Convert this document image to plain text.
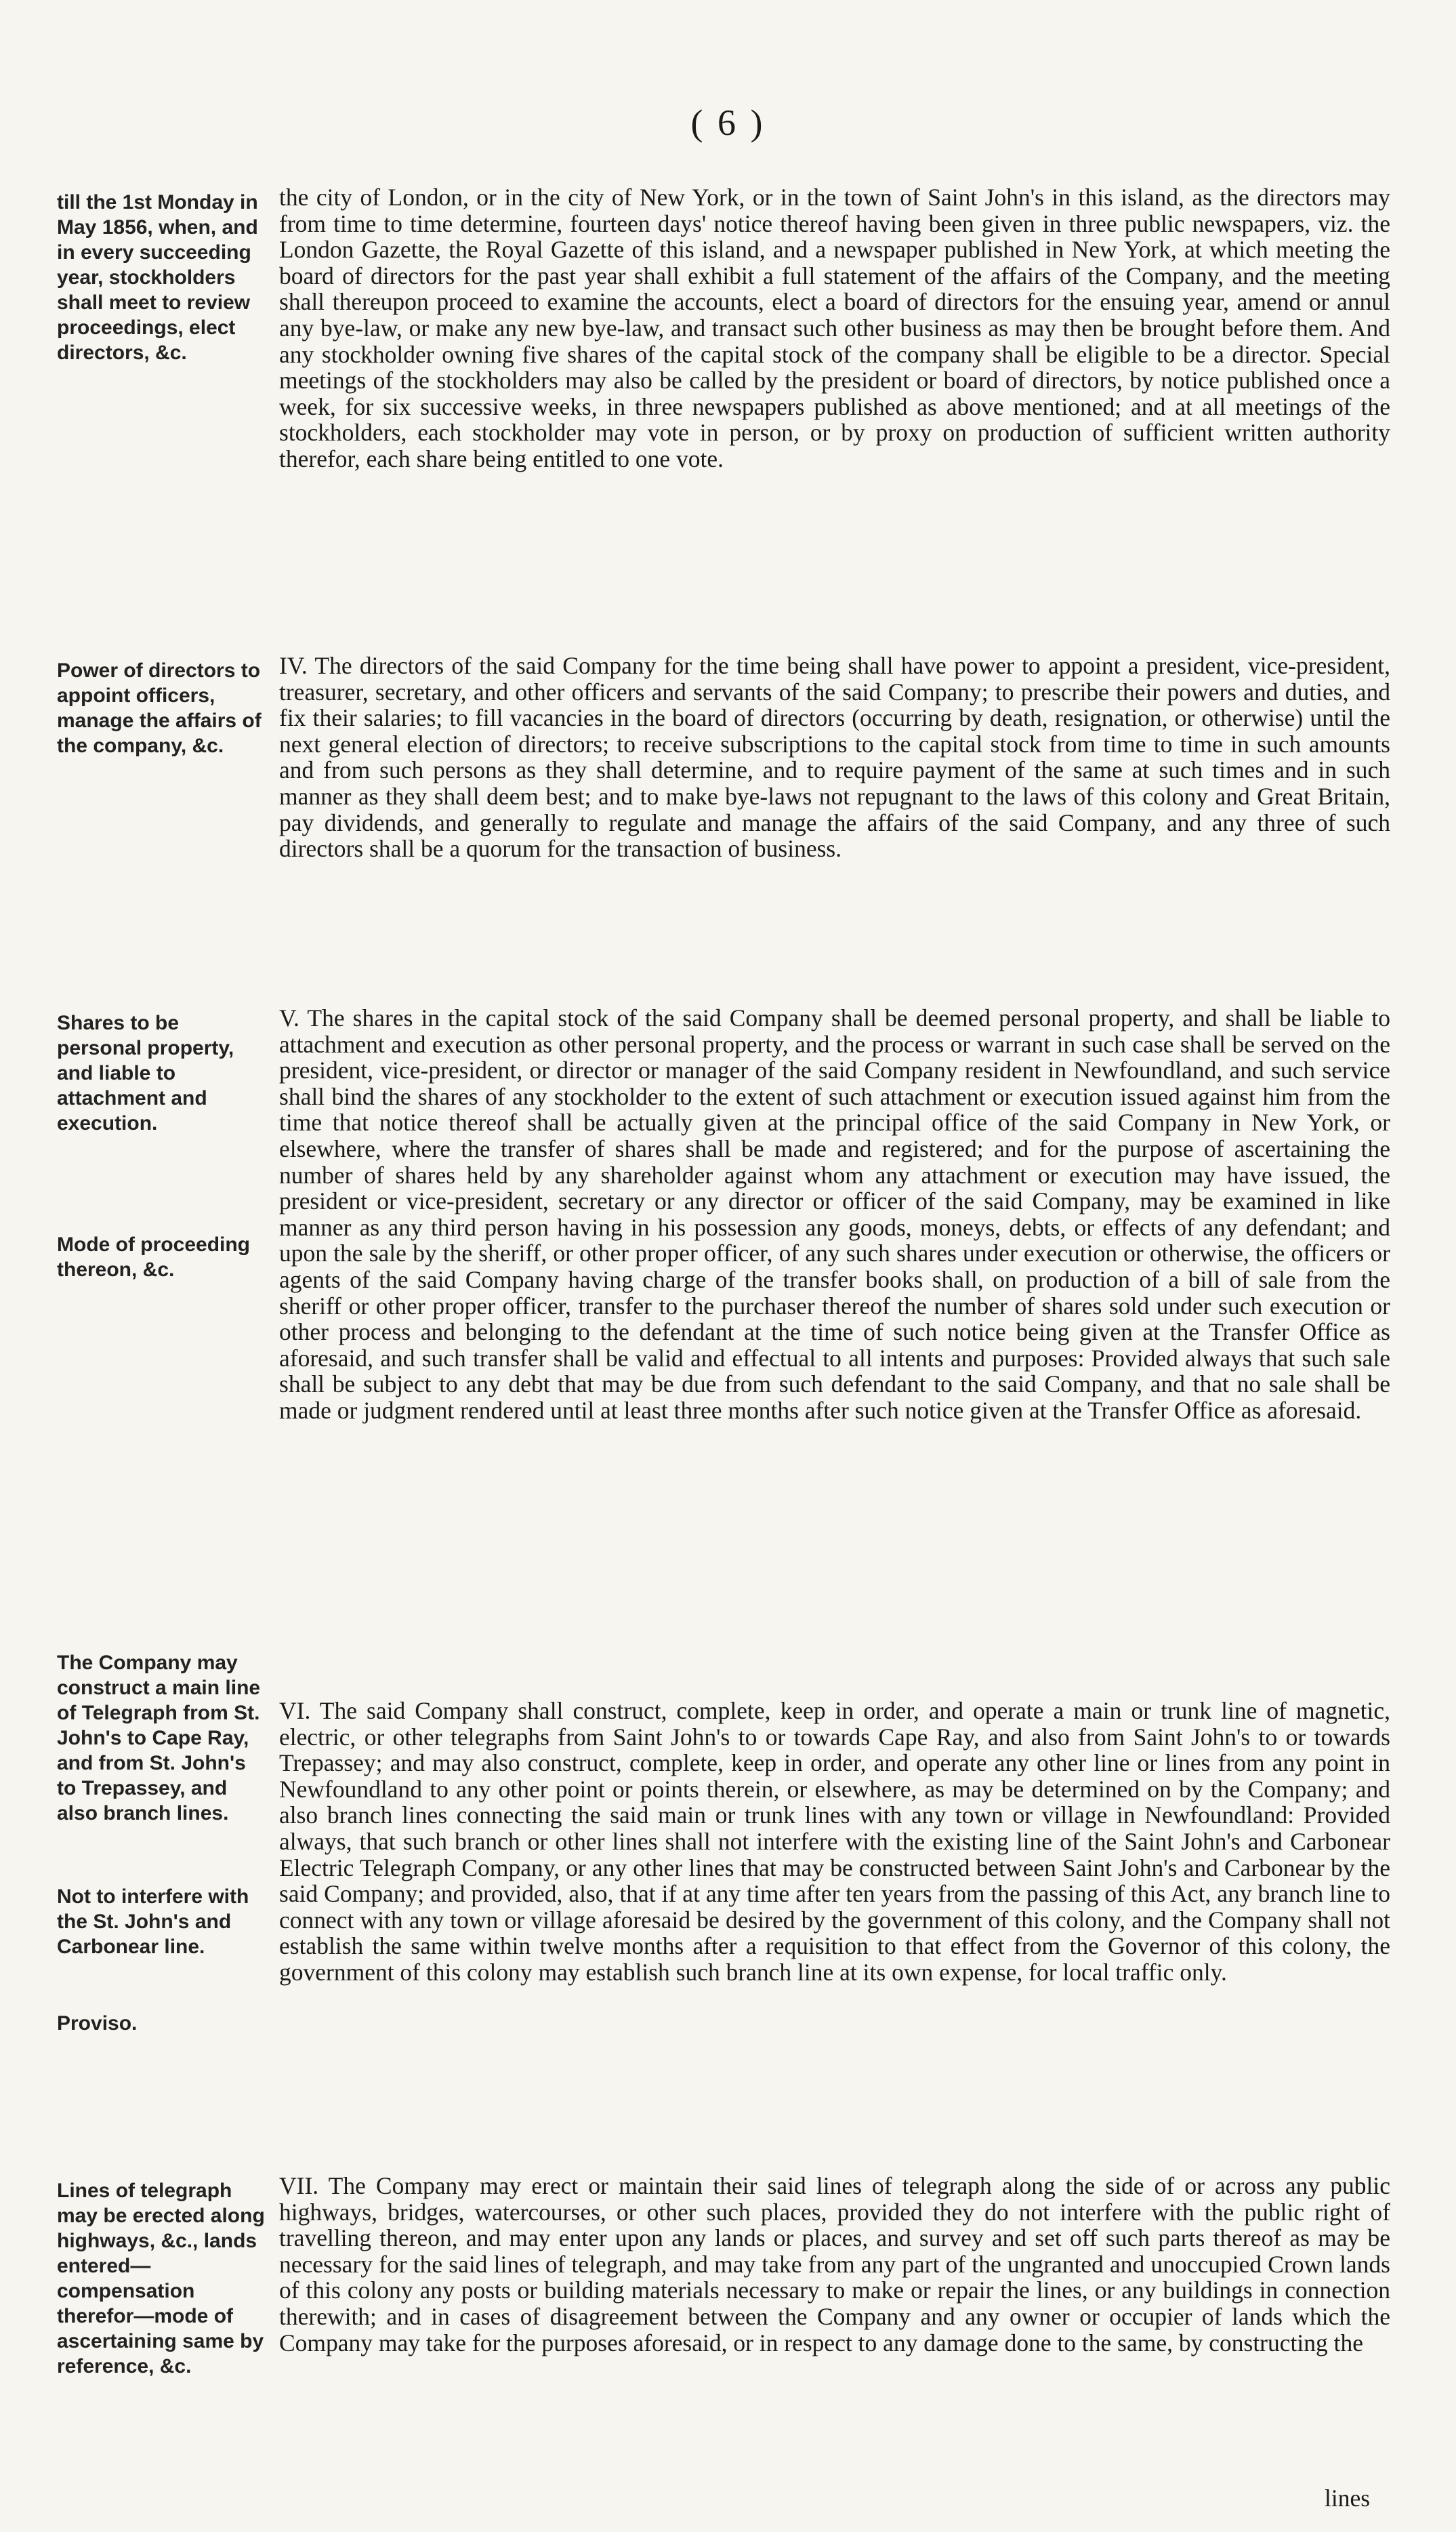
( 6 )
till the 1st Monday in May 1856, when, and in every succeeding year, stockholders shall meet to review proceedings, elect directors, &c.
the city of London, or in the city of New York, or in the town of Saint John's in this island, as the directors may from time to time determine, fourteen days' notice thereof having been given in three public newspapers, viz. the London Gazette, the Royal Gazette of this island, and a newspaper published in New York, at which meeting the board of directors for the past year shall exhibit a full statement of the affairs of the Company, and the meeting shall thereupon proceed to examine the accounts, elect a board of directors for the ensuing year, amend or annul any bye-law, or make any new bye-law, and transact such other business as may then be brought before them. And any stockholder owning five shares of the capital stock of the company shall be eligible to be a director. Special meetings of the stockholders may also be called by the president or board of directors, by notice published once a week, for six successive weeks, in three newspapers published as above mentioned; and at all meetings of the stockholders, each stockholder may vote in person, or by proxy on production of sufficient written authority therefor, each share being entitled to one vote.
Power of directors to appoint officers, manage the affairs of the company, &c.
IV. The directors of the said Company for the time being shall have power to appoint a president, vice-president, treasurer, secretary, and other officers and servants of the said Company; to prescribe their powers and duties, and fix their salaries; to fill vacancies in the board of directors (occurring by death, resignation, or otherwise) until the next general election of directors; to receive subscriptions to the capital stock from time to time in such amounts and from such persons as they shall determine, and to require payment of the same at such times and in such manner as they shall deem best; and to make bye-laws not repugnant to the laws of this colony and Great Britain, pay dividends, and generally to regulate and manage the affairs of the said Company, and any three of such directors shall be a quorum for the transaction of business.
Shares to be personal property, and liable to attachment and execution.
Mode of proceeding thereon, &c.
V. The shares in the capital stock of the said Company shall be deemed personal property, and shall be liable to attachment and execution as other personal property, and the process or warrant in such case shall be served on the president, vice-president, or director or manager of the said Company resident in Newfoundland, and such service shall bind the shares of any stockholder to the extent of such attachment or execution issued against him from the time that notice thereof shall be actually given at the principal office of the said Company in New York, or elsewhere, where the transfer of shares shall be made and registered; and for the purpose of ascertaining the number of shares held by any shareholder against whom any attachment or execution may have issued, the president or vice-president, secretary or any director or officer of the said Company, may be examined in like manner as any third person having in his possession any goods, moneys, debts, or effects of any defendant; and upon the sale by the sheriff, or other proper officer, of any such shares under execution or otherwise, the officers or agents of the said Company having charge of the transfer books shall, on production of a bill of sale from the sheriff or other proper officer, transfer to the purchaser thereof the number of shares sold under such execution or other process and belonging to the defendant at the time of such notice being given at the Transfer Office as aforesaid, and such transfer shall be valid and effectual to all intents and purposes: Provided always that such sale shall be subject to any debt that may be due from such defendant to the said Company, and that no sale shall be made or judgment rendered until at least three months after such notice given at the Transfer Office as aforesaid.
The Company may construct a main line of Telegraph from St. John's to Cape Ray, and from St. John's to Trepassey, and also branch lines.
Not to interfere with the St. John's and Carbonear line.
Proviso.
VI. The said Company shall construct, complete, keep in order, and operate a main or trunk line of magnetic, electric, or other telegraphs from Saint John's to or towards Cape Ray, and also from Saint John's to or towards Trepassey; and may also construct, complete, keep in order, and operate any other line or lines from any point in Newfoundland to any other point or points therein, or elsewhere, as may be determined on by the Company; and also branch lines connecting the said main or trunk lines with any town or village in Newfoundland: Provided always, that such branch or other lines shall not interfere with the existing line of the Saint John's and Carbonear Electric Telegraph Company, or any other lines that may be constructed between Saint John's and Carbonear by the said Company; and provided, also, that if at any time after ten years from the passing of this Act, any branch line to connect with any town or village aforesaid be desired by the government of this colony, and the Company shall not establish the same within twelve months after a requisition to that effect from the Governor of this colony, the government of this colony may establish such branch line at its own expense, for local traffic only.
Lines of telegraph may be erected along highways, &c., lands entered—compensation therefor—mode of ascertaining same by reference, &c.
VII. The Company may erect or maintain their said lines of telegraph along the side of or across any public highways, bridges, watercourses, or other such places, provided they do not interfere with the public right of travelling thereon, and may enter upon any lands or places, and survey and set off such parts thereof as may be necessary for the said lines of telegraph, and may take from any part of the ungranted and unoccupied Crown lands of this colony any posts or building materials necessary to make or repair the lines, or any buildings in connection therewith; and in cases of disagreement between the Company and any owner or occupier of lands which the Company may take for the purposes aforesaid, or in respect to any damage done to the same, by constructing the
lines
